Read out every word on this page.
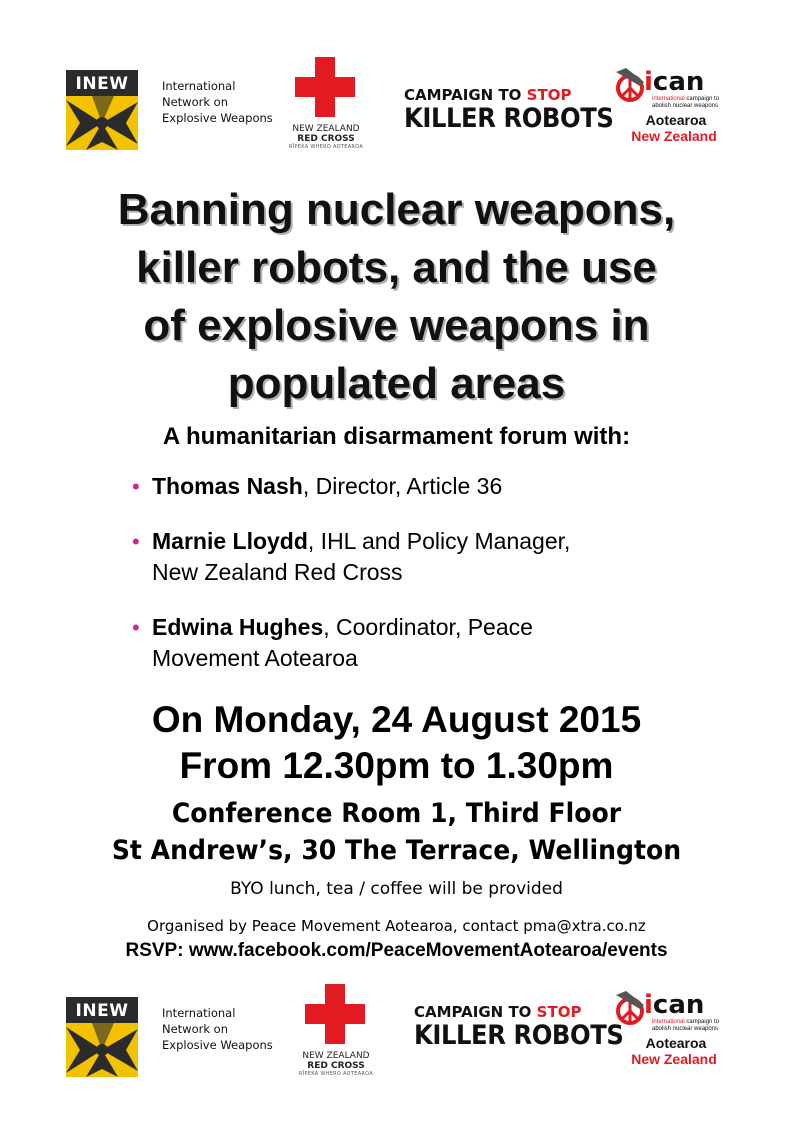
INEW	International
Network on
Explosive Weapons
NEW ZEALAND
RED CROSS
RĪPEKA WHERO AOTEAROA
CAMPAIGN TO STOP
KILLER ROBOTS
ican
international campaign to abolish nuclear weapons
Aotearoa
New Zealand
Banning nuclear weapons,
killer robots, and the use
of explosive weapons in
populated areas
A humanitarian disarmament forum with:
• Thomas Nash, Director, Article 36
• Marnie Lloydd, IHL and Policy Manager,
New Zealand Red Cross
• Edwina Hughes, Coordinator, Peace
Movement Aotearoa
On Monday, 24 August 2015
From 12.30pm to 1.30pm
Conference Room 1, Third Floor
St Andrew’s, 30 The Terrace, Wellington
BYO lunch, tea / coffee will be provided
Organised by Peace Movement Aotearoa, contact pma@xtra.co.nz
RSVP: www.facebook.com/PeaceMovementAotearoa/events
INEW	International
Network on
Explosive Weapons
NEW ZEALAND
RED CROSS
RĪPEKA WHERO AOTEAROA
CAMPAIGN TO STOP
KILLER ROBOTS
ican
international campaign to abolish nuclear weapons
Aotearoa
New Zealand
